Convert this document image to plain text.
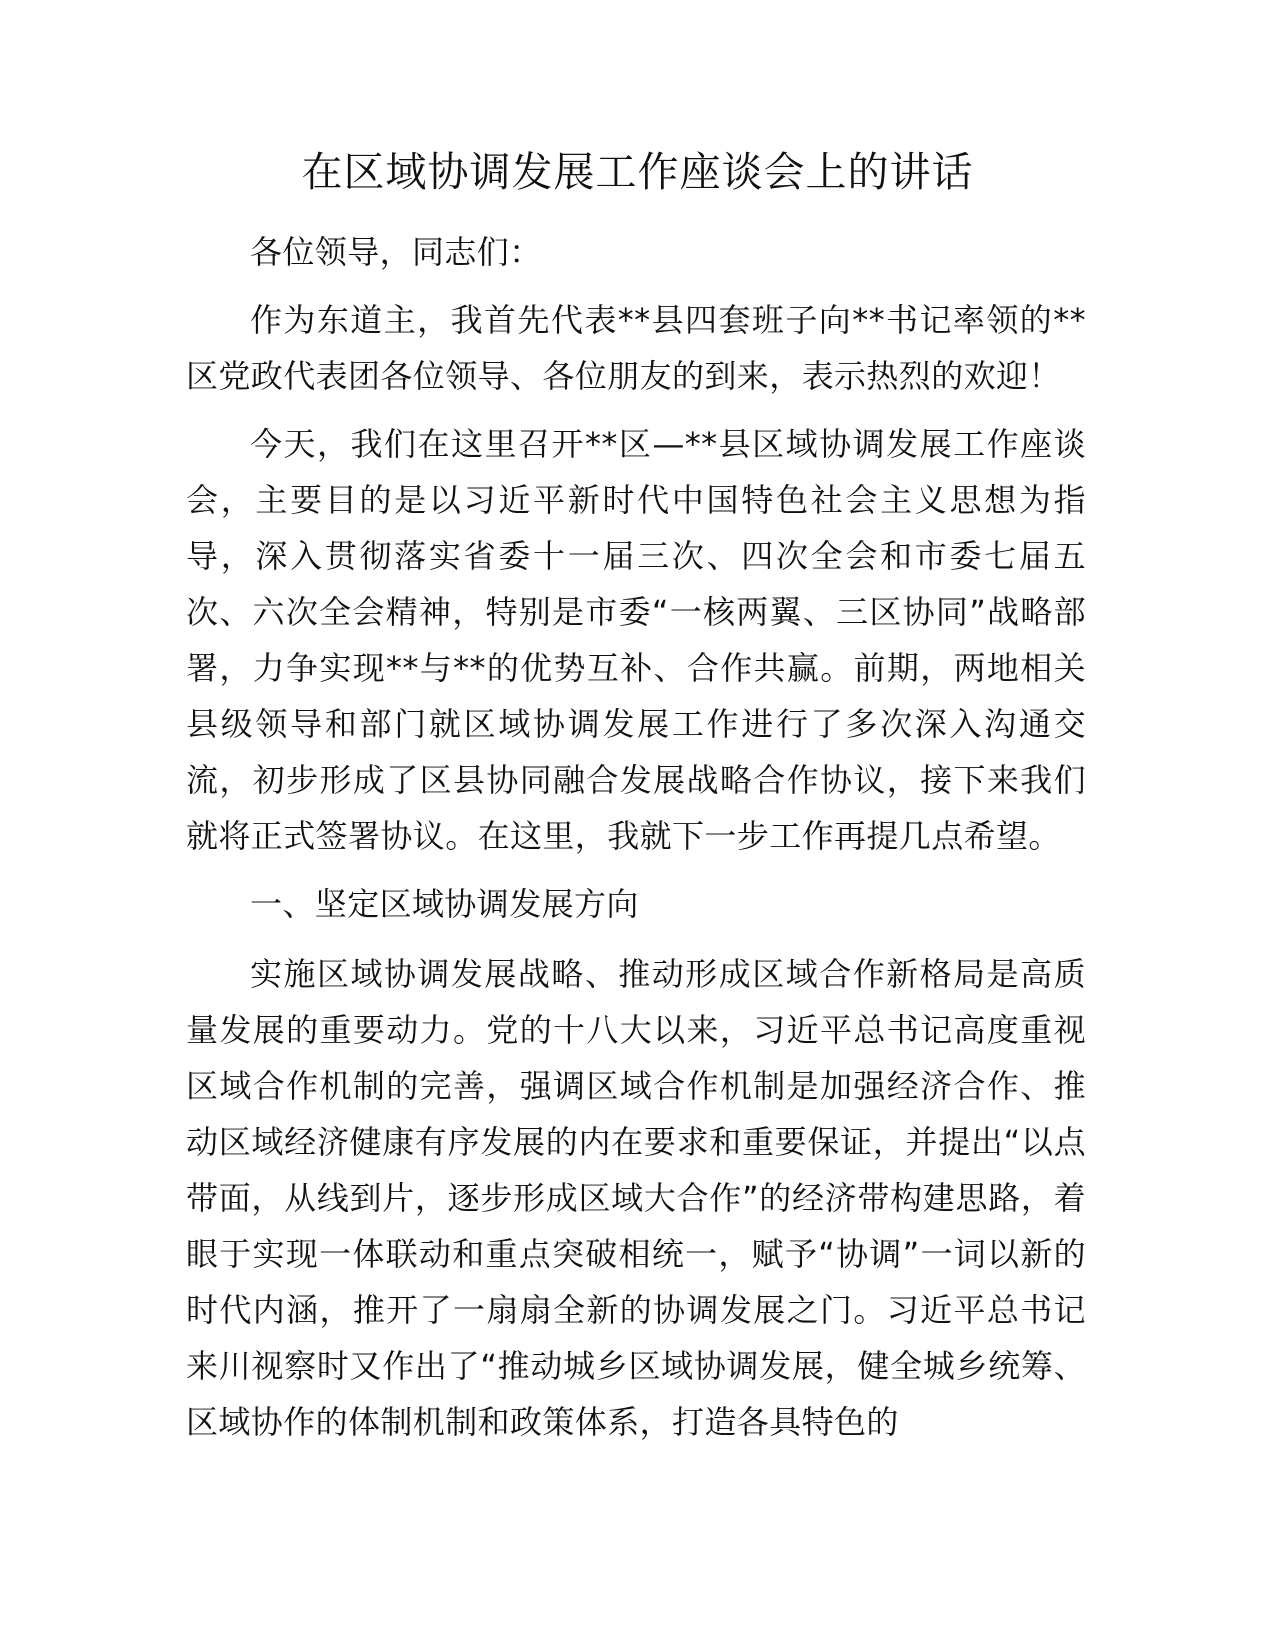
在区域协调发展工作座谈会上的讲话

各位领导，同志们：

作为东道主，我首先代表**县四套班子向**书记率领的**区党政代表团各位领导、各位朋友的到来，表示热烈的欢迎！

今天，我们在这里召开**区—**县区域协调发展工作座谈会，主要目的是以习近平新时代中国特色社会主义思想为指导，深入贯彻落实省委十一届三次、四次全会和市委七届五次、六次全会精神，特别是市委“一核两翼、三区协同”战略部署，力争实现**与**的优势互补、合作共赢。前期，两地相关县级领导和部门就区域协调发展工作进行了多次深入沟通交流，初步形成了区县协同融合发展战略合作协议，接下来我们就将正式签署协议。在这里，我就下一步工作再提几点希望。

一、坚定区域协调发展方向

实施区域协调发展战略、推动形成区域合作新格局是高质量发展的重要动力。党的十八大以来，习近平总书记高度重视区域合作机制的完善，强调区域合作机制是加强经济合作、推动区域经济健康有序发展的内在要求和重要保证，并提出“以点带面，从线到片，逐步形成区域大合作”的经济带构建思路，着眼于实现一体联动和重点突破相统一，赋予“协调”一词以新的时代内涵，推开了一扇扇全新的协调发展之门。习近平总书记来川视察时又作出了“推动城乡区域协调发展，健全城乡统筹、区域协作的体制机制和政策体系，打造各具特色的
